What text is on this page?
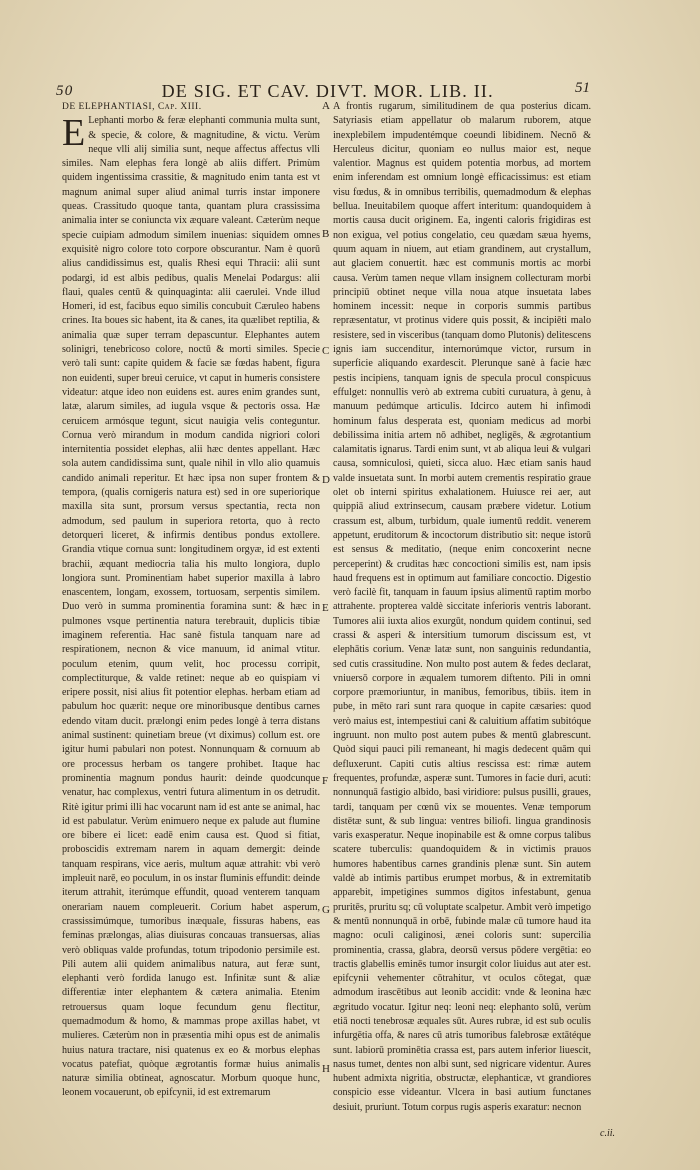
50	DE SIG. ET CAV. DIVT. MOR. LIB. II.	51

DE ELEPHANTIASI, Cap. XIII.

E Lephanti morbo & feræ elephanti communia multa sunt, & specie, & colore, & magnitudine, & victu. Verùm neque vlli alij similia sunt, neque affectus affectus vlli similes. Nam elephas fera longè ab aliis differt. Primùm quidem ingentissima crassitie, & magnitudo enim tanta est vt magnum animal super aliud animal turris instar imponere queas. Crassitudo quoque tanta, quantam plura crassissima animalia inter se coniuncta vix æquare valeant. Cæterùm neque specie cuipiam admodum similem inuenias: siquidem omnes exquisitè nigro colore toto corpore obscurantur. Nam è quorū alius candidissimus est, qualis Rhesi equi Thracii: alii sunt podargi, id est albis pedibus, qualis Menelai Podargus: alii flaui, quales centū & quinquaginta: alii caerulei. Vnde illud Homeri, id est, facibus equo similis concubuit Cæruleo habens crines. Ita boues sic habent, ita & canes, ita quælibet reptilia, & animalia quæ super terram depascuntur. Elephantes autem solinigri, tenebricoso colore, noctū & morti similes. Specie verò tali sunt: capite quidem & facie sæ fœdas habent, figura non euidenti, super breui ceruice, vt caput in humeris consistere videatur: atque ideo non euidens est. aures enim grandes sunt, latæ, alarum similes, ad iugula vsque & pectoris ossa. Hæ ceruicem armósque tegunt, sicut nauigia velis conteguntur. Cornua verò mirandum in modum candida nigriori colori internitentia possidet elephas, alii hæc dentes appellant. Hæc sola autem candidissima sunt, quale nihil in vllo alio quamuis candido animali reperitur. Et hæc ipsa non super frontem & tempora, (qualis cornigeris natura est) sed in ore superiorique maxilla sita sunt, prorsum versus spectantia, recta non admodum, sed paulum in superiora retorta, quo à recto detorqueri liceret, & infirmis dentibus pondus extollere. Grandia vtique cornua sunt: longitudinem orgyæ, id est extenti brachii, æquant mediocria talia his multo longiora, duplo longiora sunt. Prominentiam habet superior maxilla à labro enascentem, longam, exossem, tortuosam, serpentis similem. Duo verò in summa prominentia foramina sunt: & hæc in pulmones vsque pertinentia natura terebrauit, duplicis tibiæ imaginem referentia. Hac sanè fistula tanquam nare ad respirationem, necnon & vice manuum, id animal vtitur. poculum etenim, quum velit, hoc processu corripit, complectiturque, & valde retinet: neque ab eo quispiam vi eripere possit, nisi alius fit potentior elephas. herbam etiam ad pabulum hoc quærit: neque ore minoribusque dentibus carnes edendo vitam ducit. prælongi enim pedes longè à terra distans animal sustinent: quinetiam breue (vt diximus) collum est. ore igitur humi pabulari non potest. Nonnunquam & cornuum ab ore processus herbam os tangere prohibet. Itaque hac prominentia magnum pondus haurit: deinde quodcunque venatur, hac complexus, ventri futura alimentum in os detrudit. Ritè igitur primi illi hac vocarunt nam id est ante se animal, hac id est pabulatur. Verùm enimuero neque ex palude aut flumine ore bibere ei licet: eadē enim causa est. Quod si fitiat, proboscidis extremam narem in aquam demergit: deinde tanquam respirans, vice aeris, multum aquæ attrahit: vbi verò impleuit narē, eo poculum, in os instar fluminis effundit: deinde iterum attrahit, iterúmque effundit, quoad venterem tanquam onerariam nauem compleuerit. Corium habet asperum, crassissimúmque, tumoribus inæquale, fissuras habens, eas feminas prælongas, alias diuisuras concauas transuersas, alias verò obliquas valde profundas, totum tripodonio persimile est. Pili autem alii quidem animalibus natura, aut feræ sunt, elephanti verò fordida lanugo est. Infinitæ sunt & aliæ differentiæ inter elephantem & cætera animalia. Etenim retrouersus quam loque fecundum genu flectitur, quemadmodum & homo, & mammas prope axillas habet, vt mulieres. Cæterùm non in præsentia mihi opus est de animalis huius natura tractare, nisi quatenus ex eo & morbus elephas vocatus patefiat, quòque ægrotantis formæ huius animalis naturæ similia obtineat, agnoscatur. Morbum quoque hunc, leonem vocauerunt, ob epifcynii, id est extremarum

A
B
C
D
E
F
G
H

A frontis rugarum, similitudinem de qua posterius dicam. Satyriasis etiam appellatur ob malarum ruborem, atque inexplebilem impudentémque coeundi libidinem. Necnō & Herculeus dicitur, quoniam eo nullus maior est, neque valentior. Magnus est quidem potentia morbus, ad mortem enim inferendam est omnium longè efficacissimus: est etiam visu fœdus, & in omnibus terribilis, quemadmodum & elephas bellua. Ineuitabilem quoque affert interitum: quandoquidem à mortis causa ducit originem. Ea, ingenti caloris frigidiras est non exigua, vel potius congelatio, ceu quædam sæua hyems, quum aquam in niuem, aut etiam grandinem, aut crystallum, aut glaciem conuertit. hæc est communis mortis ac morbi causa. Verùm tamen neque vllam insignem collecturam morbi principiū obtinet neque villa noua atque insuetata labes hominem incessit: neque in corporis summis partibus repræsentatur, vt protinus videre quis possit, & incipiēti malo resistere, sed in visceribus (tanquam domo Plutonis) delitescens ignis iam succenditur, internorúmque victor, rursum in superficie aliquando exardescit. Plerunque sanè à facie hæc pestis incipiens, tanquam ignis de specula procul conspicuus effulget: nonnullis verò ab extrema cubiti curuatura, à genu, à manuum pedúmque articulis. Idcirco autem hi infimodi hominum falus desperata est, quoniam medicus ad morbi debilissima initia artem nō adhibet, negligēs, & ægrotantium calamitatis ignarus. Tardi enim sunt, vt ab aliqua leui & vulgari causa, somniculosi, quieti, sicca aluo. Hæc etiam sanis haud valde insuetata sunt. In morbi autem crementis respiratio graue olet ob interni spiritus exhalationem. Huiusce rei aer, aut quippiā aliud extrinsecum, causam præbere videtur. Lotium crassum est, album, turbidum, quale iumentū reddit. venerem appetunt, eruditorum & incoctorum distributio sit: neque istorū est sensus & meditatio, (neque enim concoxerint necne perceperint) & cruditas hæc concoctioni similis est, nam ipsis haud frequens est in optimum aut familiare concoctio. Digestio verò facilè fit, tanquam in fauum ipsius alimentū raptim morbo attrahente. propterea valdè siccitate inferioris ventris laborant. Tumores alii iuxta alios exurgūt, nondum quidem continui, sed crassi & asperi & intersitium tumorum discissum est, vt elephātis corium. Venæ latæ sunt, non sanguinis redundantia, sed cutis crassitudine. Non multo post autem & fedes declarat, vniuersō corpore in æqualem tumorem diftento. Pili in omni corpore præmoriuntur, in manibus, femoribus, tibiis. item in pube, in mēto rari sunt rara quoque in capite cæsaries: quod verò maius est, intempestiui cani & caluitium affatim subitóque ingruunt. non multo post autem pubes & mentū glabrescunt. Quòd siqui pauci pili remaneant, hi magis dedecent quām qui defluxerunt. Capiti cutis altius rescissa est: rimæ autem frequentes, profundæ, asperæ sunt. Tumores in facie duri, acuti: nonnunquā fastigio albido, basi viridiore: pulsus pusilli, graues, tardi, tanquam per cœnū vix se mouentes. Venæ temporum distētæ sunt, & sub lingua: ventres biliofi. lingua grandinosis varis exasperatur. Neque inopinabile est & omne corpus talibus scatere tuberculis: quandoquidem & in victimis prauos humores habentibus carnes grandinis plenæ sunt. Sin autem valdè ab intimis partibus erumpet morbus, & in extremitatib apparebit, impetigines summos digitos infestabunt, genua pruritēs, pruritu sq; cū voluptate scalpetur. Ambit verò impetigo & mentū nonnunquā in orbē, fubinde malæ cū tumore haud ita magno: oculi caliginosi, ænei coloris sunt: supercilia prominentia, crassa, glabra, deorsū versus pōdere vergētia: eo tractis glabellis eminēs tumor insurgit color liuidus aut ater est. epifcynii vehementer cōtrahitur, vt oculos cōtegat, quæ admodum irascētibus aut leonib accidit: vnde & leonina hæc ægritudo vocatur. Igitur neq: leoni neq: elephanto solū, verùm etiā nocti tenebrosæ æquales sūt. Aures rubræ, id est sub oculis infurgētia offa, & nares cū atris tumoribus falebrosæ extātéque sunt. labiorū prominētia crassa est, pars autem inferior liuescit, nasus tumet, dentes non albi sunt, sed nigricare videntur. Aures hubent admixta nigritia, obstructæ, elephanticæ, vt grandiores conspicio esse videantur. Vlcera in basi autium functanes desiuit, pruriunt. Totum corpus rugis asperis exaratur: necnon

c.ii.
